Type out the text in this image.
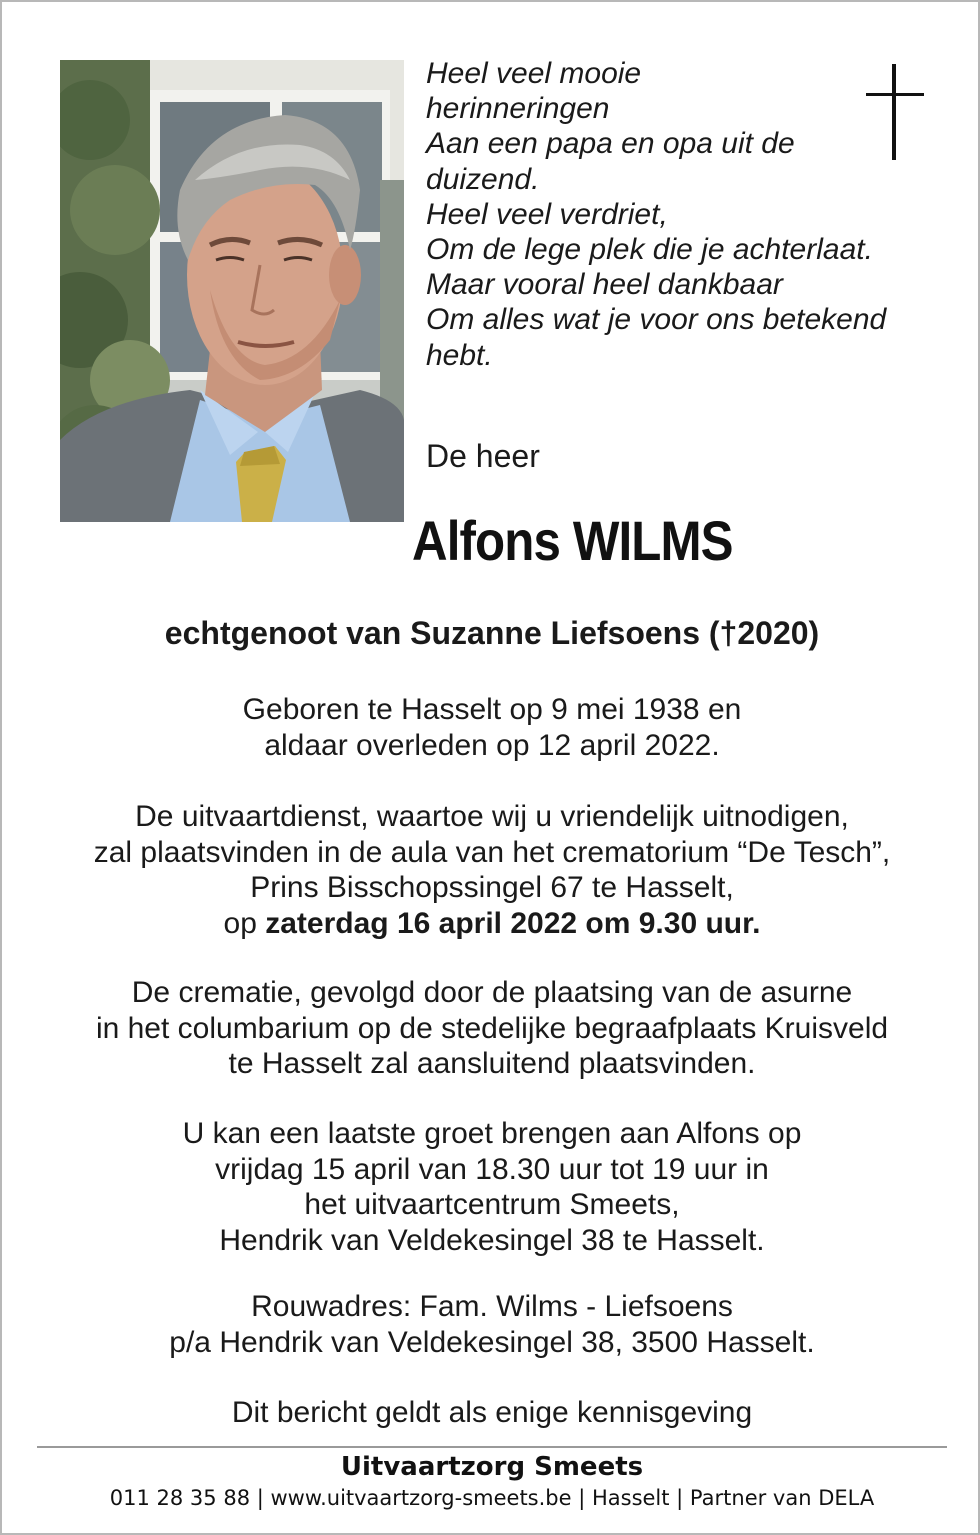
Heel veel mooie
herinneringen
Aan een papa en opa uit de
duizend.
Heel veel verdriet,
Om de lege plek die je achterlaat.
Maar vooral heel dankbaar
Om alles wat je voor ons betekend
hebt.
De heer
Alfons WILMS
echtgenoot van Suzanne Liefsoens (†2020)
Geboren te Hasselt op 9 mei 1938 en
aldaar overleden op 12 april 2022.
De uitvaartdienst, waartoe wij u vriendelijk uitnodigen,
zal plaatsvinden in de aula van het crematorium “De Tesch”,
Prins Bisschopssingel 67 te Hasselt,
op zaterdag 16 april 2022 om 9.30 uur.
De crematie, gevolgd door de plaatsing van de asurne
in het columbarium op de stedelijke begraafplaats Kruisveld
te Hasselt zal aansluitend plaatsvinden.
U kan een laatste groet brengen aan Alfons op
vrijdag 15 april van 18.30 uur tot 19 uur in
het uitvaartcentrum Smeets,
Hendrik van Veldekesingel 38 te Hasselt.
Rouwadres: Fam. Wilms - Liefsoens
p/a Hendrik van Veldekesingel 38, 3500 Hasselt.
Dit bericht geldt als enige kennisgeving
Uitvaartzorg Smeets
011 28 35 88 | www.uitvaartzorg-smeets.be | Hasselt | Partner van DELA
